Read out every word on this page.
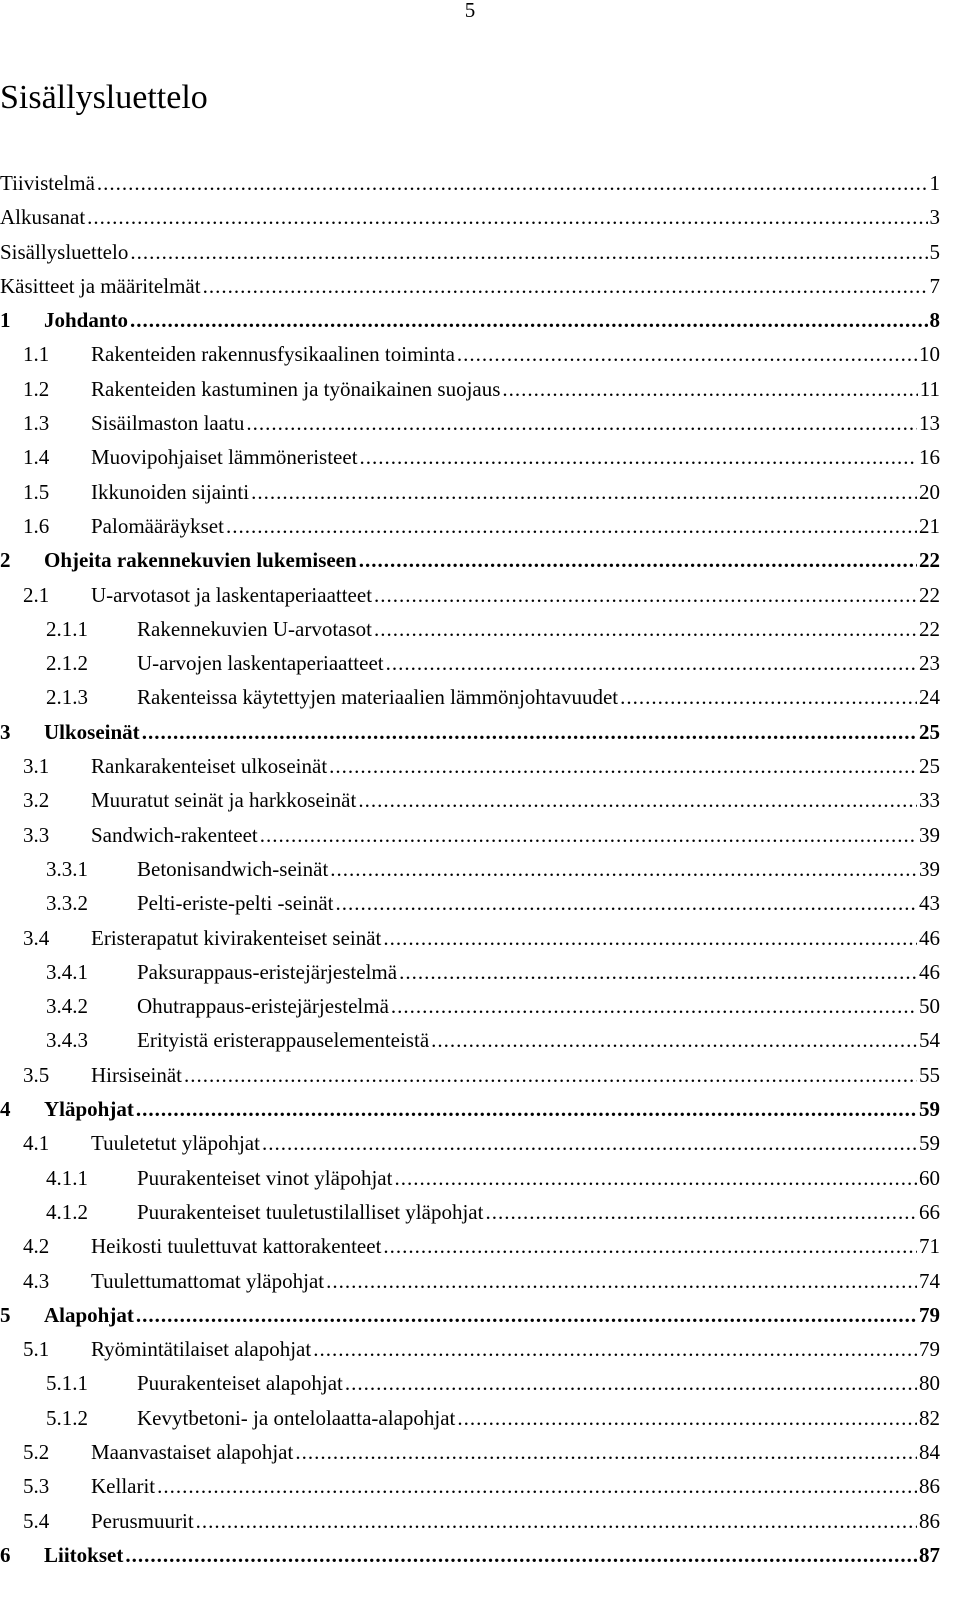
5
Sisällysluettelo
Tiivistelmä .....	1
Alkusanat .....	3
Sisällysluettelo .....	5
Käsitteet ja määritelmät .....	7
1	Johdanto .....	8
1.1	Rakenteiden rakennusfysikaalinen toiminta .....	10
1.2	Rakenteiden kastuminen ja työnaikainen suojaus .....	11
1.3	Sisäilmaston laatu .....	13
1.4	Muovipohjaiset lämmöneristeet .....	16
1.5	Ikkunoiden sijainti .....	20
1.6	Palomääräykset .....	21
2	Ohjeita rakennekuvien lukemiseen .....	22
2.1	U-arvotasot ja laskentaperiaatteet .....	22
2.1.1	Rakennekuvien U-arvotasot .....	22
2.1.2	U-arvojen laskentaperiaatteet .....	23
2.1.3	Rakenteissa käytettyjen materiaalien lämmönjohtavuudet .....	24
3	Ulkoseinät .....	25
3.1	Rankarakenteiset ulkoseinät .....	25
3.2	Muuratut seinät ja harkkoseinät .....	33
3.3	Sandwich-rakenteet .....	39
3.3.1	Betonisandwich-seinät .....	39
3.3.2	Pelti-eriste-pelti -seinät .....	43
3.4	Eristerapatut kivirakenteiset seinät .....	46
3.4.1	Paksurappaus-eristejärjestelmä .....	46
3.4.2	Ohutrappaus-eristejärjestelmä .....	50
3.4.3	Erityistä eristerappauselementeistä .....	54
3.5	Hirsiseinät .....	55
4	Yläpohjat .....	59
4.1	Tuuletetut yläpohjat .....	59
4.1.1	Puurakenteiset vinot yläpohjat .....	60
4.1.2	Puurakenteiset tuuletustilalliset yläpohjat .....	66
4.2	Heikosti tuulettuvat kattorakenteet .....	71
4.3	Tuulettumattomat yläpohjat .....	74
5	Alapohjat .....	79
5.1	Ryömintätilaiset alapohjat .....	79
5.1.1	Puurakenteiset alapohjat .....	80
5.1.2	Kevytbetoni- ja ontelolaatta-alapohjat .....	82
5.2	Maanvastaiset alapohjat .....	84
5.3	Kellarit .....	86
5.4	Perusmuurit .....	86
6	Liitokset .....	87
